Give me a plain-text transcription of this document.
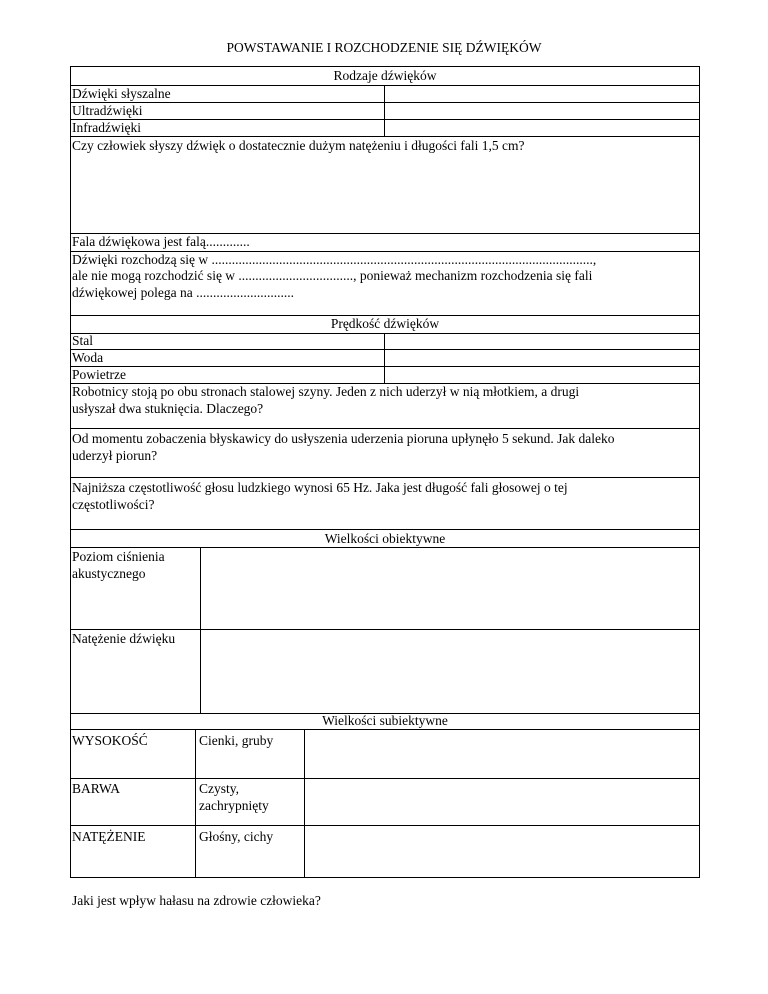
POWSTAWANIE I ROZCHODZENIE SIĘ DŹWIĘKÓW
Rodzaje dźwięków
Dźwięki słyszalne
Ultradźwięki
Infradźwięki
Czy człowiek słyszy dźwięk o dostatecznie dużym natężeniu i długości fali 1,5 cm?
Fala dźwiękowa jest falą.............
Dźwięki rozchodzą się w .................................................................................................................,
ale nie mogą rozchodzić się w .................................., ponieważ mechanizm rozchodzenia się fali
dźwiękowej polega na .............................
Prędkość dźwięków
Stal
Woda
Powietrze
Robotnicy stoją po obu stronach stalowej szyny. Jeden z nich uderzył w nią młotkiem, a drugi
usłyszał dwa stuknięcia. Dlaczego?
Od momentu zobaczenia błyskawicy do usłyszenia uderzenia pioruna upłynęło 5 sekund. Jak daleko
uderzył piorun?
Najniższa częstotliwość głosu ludzkiego wynosi 65 Hz. Jaka jest długość fali głosowej o tej
częstotliwości?
Wielkości obiektywne
Poziom ciśnienia
akustycznego
Natężenie dźwięku
Wielkości subiektywne
WYSOKOŚĆ	Cienki, gruby
BARWA	Czysty,
zachrypnięty
NATĘŻENIE	Głośny, cichy
Jaki jest wpływ hałasu na zdrowie człowieka?
